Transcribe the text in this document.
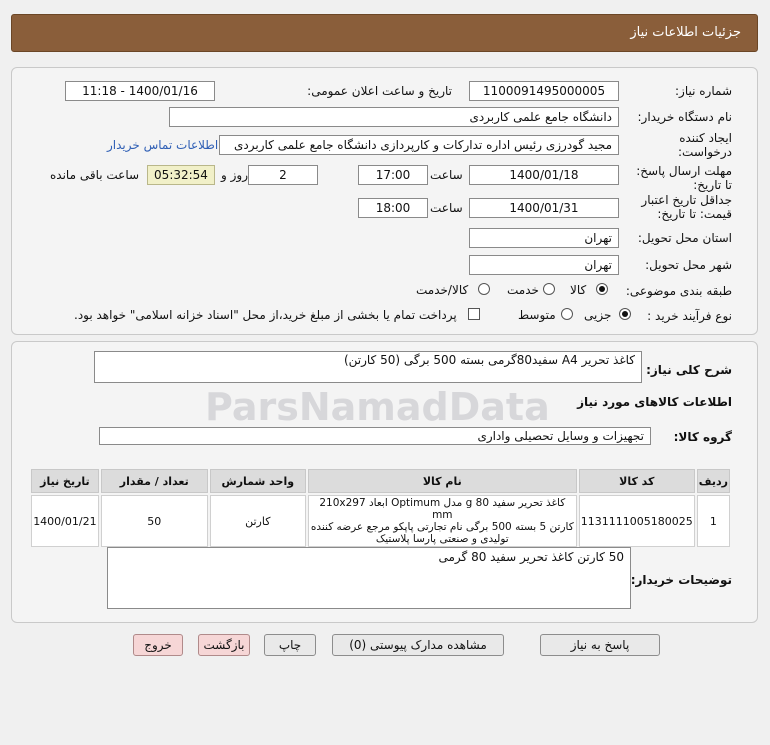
جزئیات اطلاعات نیاز
شماره نیاز:
1100091495000005
تاریخ و ساعت اعلان عمومی:
1400/01/16 - 11:18
نام دستگاه خریدار:
دانشگاه جامع علمی کاربردی
ایجاد کننده درخواست:
مجید گودرزی رئیس اداره تدارکات و کارپردازی دانشگاه جامع علمی کاربردی
اطلاعات تماس خریدار
مهلت ارسال پاسخ: تا تاریخ:
1400/01/18
ساعت
17:00
2
روز و
05:32:54
ساعت باقی مانده
جداقل تاریخ اعتبار قیمت: تا تاریخ:
1400/01/31
ساعت
18:00
استان محل تحویل:
تهران
شهر محل تحویل:
تهران
طبقه بندی موضوعی:
کالا
خدمت
کالا/خدمت
نوع فرآیند خرید :
جزیی
متوسط
پرداخت تمام یا بخشی از مبلغ خرید،از محل "اسناد خزانه اسلامی" خواهد بود.
شرح کلی نیاز:
کاغذ تحریر A4 سفید80گرمی بسته 500 برگی (50 کارتن)
اطلاعات کالاهای مورد نیاز
گروه کالا:
تجهیزات و وسایل تحصیلی واداری
ردیف	کد کالا	نام کالا	واحد شمارش	تعداد / مقدار	تاریخ نیاز
1	1131111005180025	کاغذ تحریر سفید 80 g مدل Optimum ابعاد 210x297 mm
کارتن 5 بسته 500 برگی نام تجارتی پاپکو مرجع عرضه کننده
تولیدی و صنعتی پارسا پلاستیک	کارتن	50	1400/01/21
توضیحات خریدار:
50 کارتن کاغذ تحریر سفید 80 گرمی
ParsNamadData
پاسخ به نیاز
مشاهده مدارک پیوستی (0)
چاپ
بازگشت
خروج
